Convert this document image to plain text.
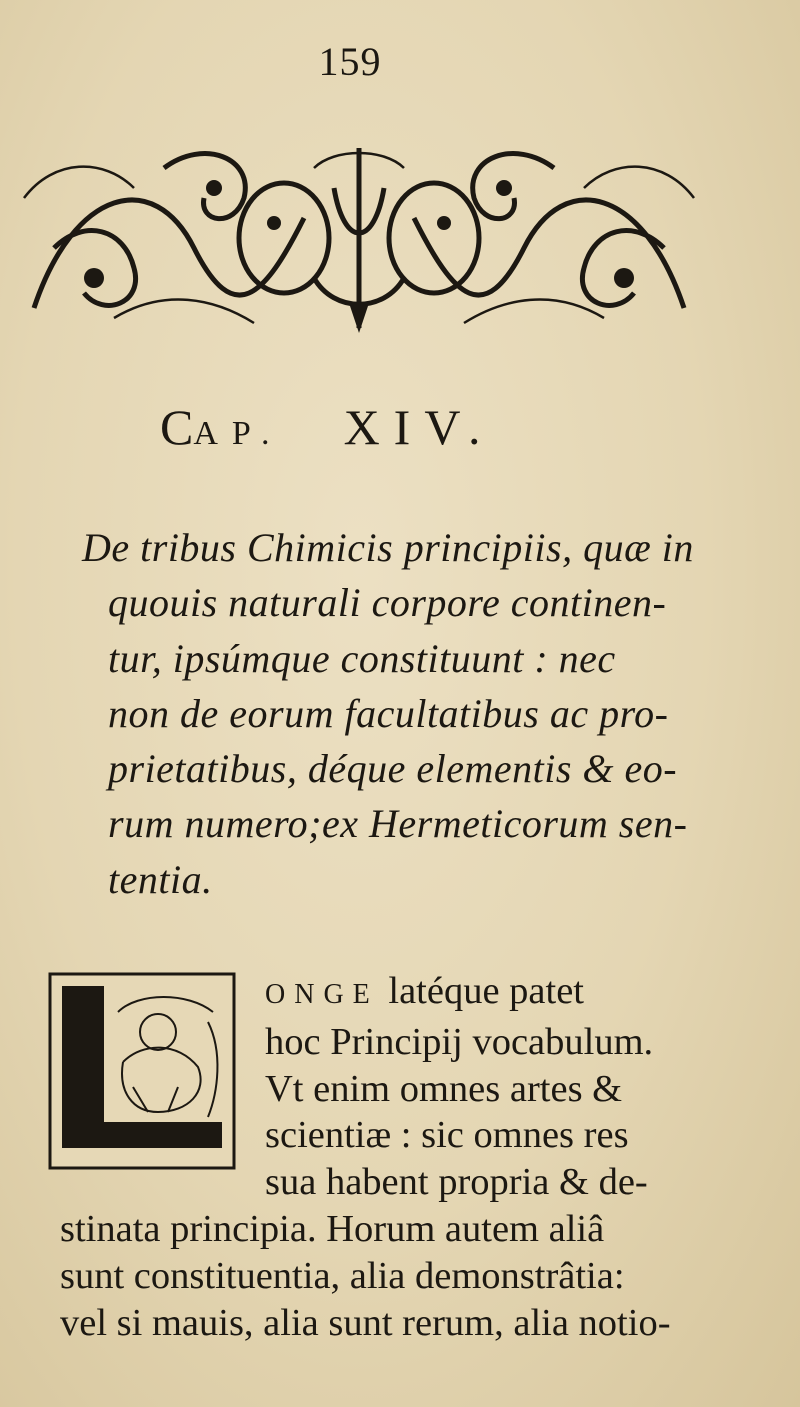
159
CAP. XIV.
De tribus Chimicis principiis, quæ in
quouis naturali corpore continen-
tur, ipsúmque constituunt : nec
non de eorum facultatibus ac pro-
prietatibus, déque elementis & eo-
rum numero;ex Hermeticorum sen-
tentia.
ONGE latéque patet
hoc Principij vocabulum.
Vt enim omnes artes &
scientiæ : sic omnes res
sua habent propria & de-
stinata principia. Horum autem aliâ
sunt constituentia, alia demonstrâtia:
vel si mauis, alia sunt rerum, alia notio-
